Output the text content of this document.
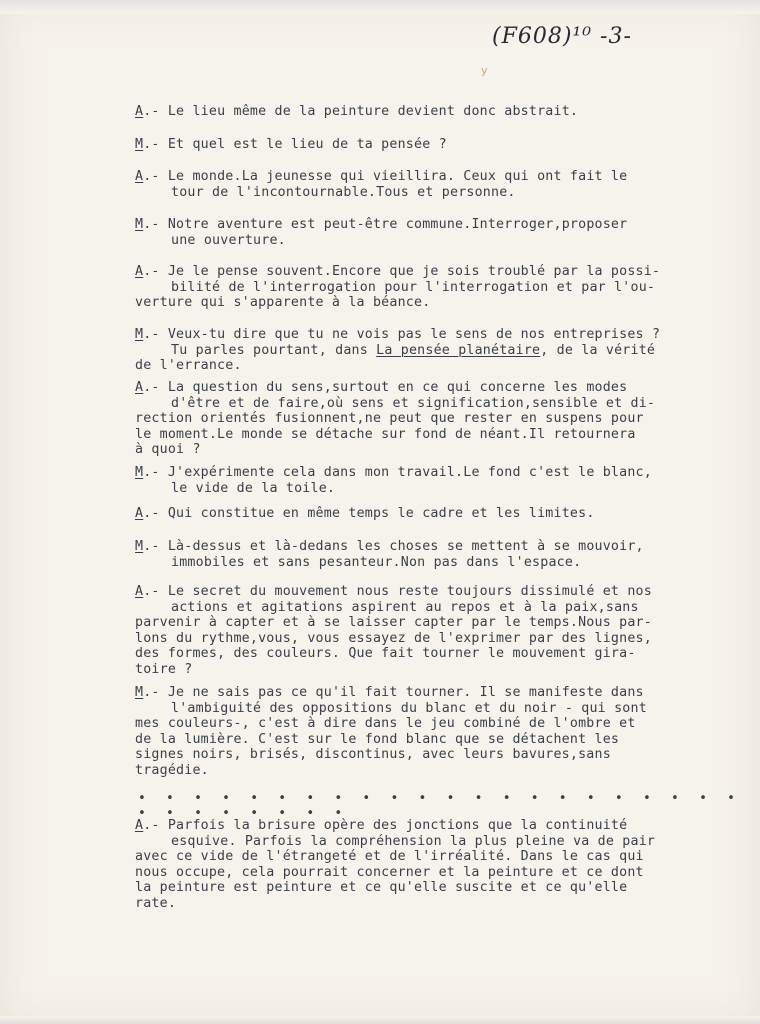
(F608)¹⁰ -3-
y
A.- Le lieu même de la peinture devient donc abstrait.
M.- Et quel est le lieu de ta pensée ?
A.- Le monde.La jeunesse qui vieillira. Ceux qui ont fait le
tour de l'incontournable.Tous et personne.
M.- Notre aventure est peut-être commune.Interroger,proposer
une ouverture.
A.- Je le pense souvent.Encore que je sois troublé par la possi-
bilité de l'interrogation pour l'interrogation et par l'ou-
verture qui s'apparente à la béance.
M.- Veux-tu dire que tu ne vois pas le sens de nos entreprises ?
Tu parles pourtant, dans La pensée planétaire, de la vérité
de l'errance.
A.- La question du sens,surtout en ce qui concerne les modes
d'être et de faire,où sens et signification,sensible et di-
rection orientés fusionnent,ne peut que rester en suspens pour
le moment.Le monde se détache sur fond de néant.Il retournera
à quoi ?
M.- J'expérimente cela dans mon travail.Le fond c'est le blanc,
le vide de la toile.
A.- Qui constitue en même temps le cadre et les limites.
M.- Là-dessus et là-dedans les choses se mettent à se mouvoir,
immobiles et sans pesanteur.Non pas dans l'espace.
A.- Le secret du mouvement nous reste toujours dissimulé et nos
actions et agitations aspirent au repos et à la paix,sans
parvenir à capter et à se laisser capter par le temps.Nous par-
lons du rythme,vous, vous essayez de l'exprimer par des lignes,
des formes, des couleurs. Que fait tourner le mouvement gira-
toire ?
M.- Je ne sais pas ce qu'il fait tourner. Il se manifeste dans
l'ambiguité des oppositions du blanc et du noir - qui sont
mes couleurs-, c'est à dire dans le jeu combiné de l'ombre et
de la lumière. C'est sur le fond blanc que se détachent les
signes noirs, brisés, discontinus, avec leurs bavures,sans
tragédie.
• • • • • • • • • • • • • • • • • • • • • • • • • • • • • •
A.- Parfois la brisure opère des jonctions que la continuité
esquive. Parfois la compréhension la plus pleine va de pair
avec ce vide de l'étrangeté et de l'irréalité. Dans le cas qui
nous occupe, cela pourrait concerner et la peinture et ce dont
la peinture est peinture et ce qu'elle suscite et ce qu'elle
rate.
